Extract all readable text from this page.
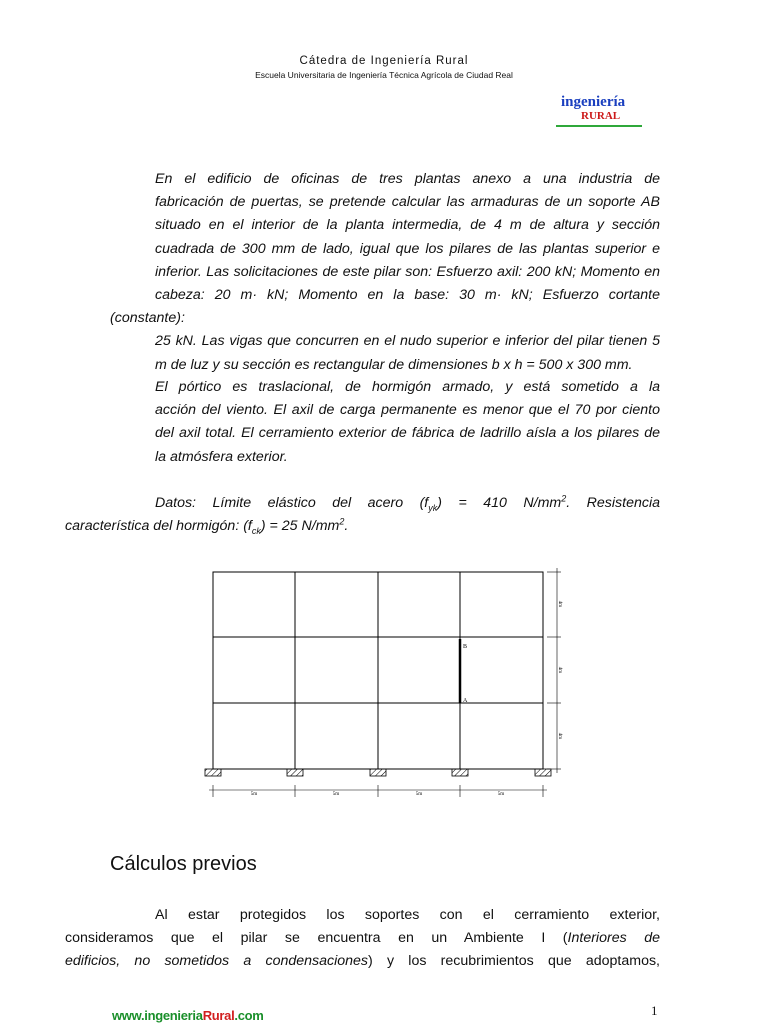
Cátedra de Ingeniería Rural
Escuela Universitaria de Ingeniería Técnica Agrícola de Ciudad Real
ingeniería
RURAL

En el edificio de oficinas de tres plantas anexo a una industria de
fabricación de puertas, se pretende calcular las armaduras de un soporte AB
situado en el interior de la planta intermedia, de 4 m de altura y sección
cuadrada de 300 mm de lado, igual que los pilares de las plantas superior e
inferior. Las solicitaciones de este pilar son: Esfuerzo axil: 200 kN; Momento en
cabeza: 20 m· kN; Momento en la base: 30 m· kN; Esfuerzo cortante (constante):
25 kN. Las vigas que concurren en el nudo superior e inferior del pilar tienen 5
m de luz y su sección es rectangular de dimensiones b x h = 500 x 300 mm.

El pórtico es traslacional, de hormigón armado, y está sometido a la
acción del viento. El axil de carga permanente es menor que el 70 por ciento
del axil total. El cerramiento exterior de fábrica de ladrillo aísla a los pilares de
la atmósfera exterior.

Datos: Límite elástico del acero $(f_{yk}) = 410$ $N/mm^2$. Resistencia
característica del hormigón: $(f_{ck}) = 25$ $N/mm^2$.

B
A
4m
4m
4m
5m	5m	5m	5m
Cálculos previos

Al estar protegidos los soportes con el cerramiento exterior,
consideramos que el pilar se encuentra en un Ambiente I (Interiores de
edificios, no sometidos a condensaciones) y los recubrimientos que adoptamos,

www.ingenieriaRural.com	1
